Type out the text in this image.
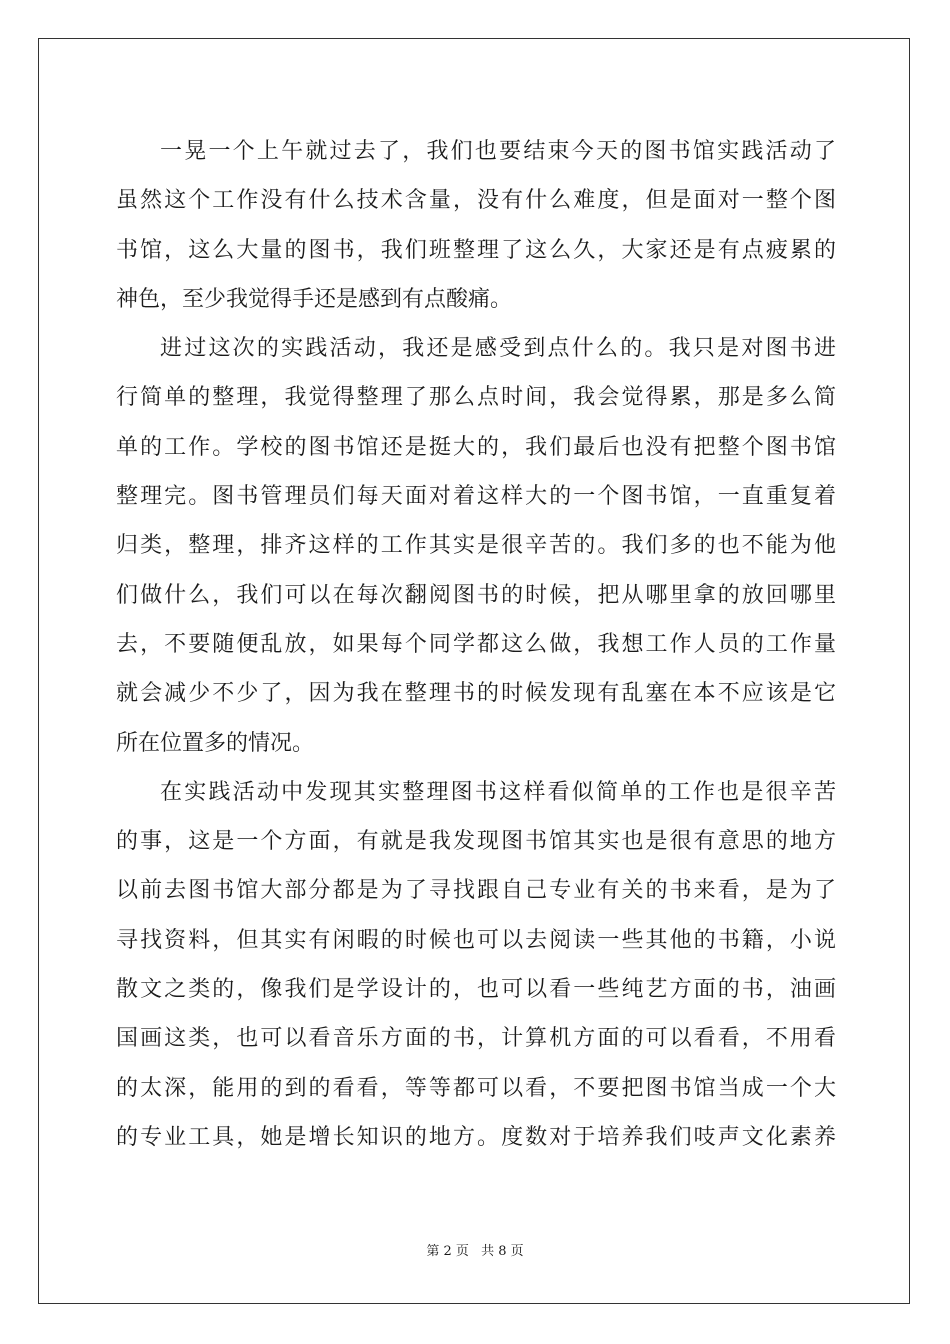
一晃一个上午就过去了，我们也要结束今天的图书馆实践活动了
虽然这个工作没有什么技术含量，没有什么难度，但是面对一整个图
书馆，这么大量的图书，我们班整理了这么久，大家还是有点疲累的
神色，至少我觉得手还是感到有点酸痛。
进过这次的实践活动，我还是感受到点什么的。我只是对图书进
行简单的整理，我觉得整理了那么点时间，我会觉得累，那是多么简
单的工作。学校的图书馆还是挺大的，我们最后也没有把整个图书馆
整理完。图书管理员们每天面对着这样大的一个图书馆，一直重复着
归类，整理，排齐这样的工作其实是很辛苦的。我们多的也不能为他
们做什么，我们可以在每次翻阅图书的时候，把从哪里拿的放回哪里
去，不要随便乱放，如果每个同学都这么做，我想工作人员的工作量
就会减少不少了，因为我在整理书的时候发现有乱塞在本不应该是它
所在位置多的情况。
在实践活动中发现其实整理图书这样看似简单的工作也是很辛苦
的事，这是一个方面，有就是我发现图书馆其实也是很有意思的地方
以前去图书馆大部分都是为了寻找跟自己专业有关的书来看，是为了
寻找资料，但其实有闲暇的时候也可以去阅读一些其他的书籍，小说
散文之类的，像我们是学设计的，也可以看一些纯艺方面的书，油画
国画这类，也可以看音乐方面的书，计算机方面的可以看看，不用看
的太深，能用的到的看看，等等都可以看，不要把图书馆当成一个大
的专业工具，她是增长知识的地方。度数对于培养我们吱声文化素养
第 2 页 共 8 页
